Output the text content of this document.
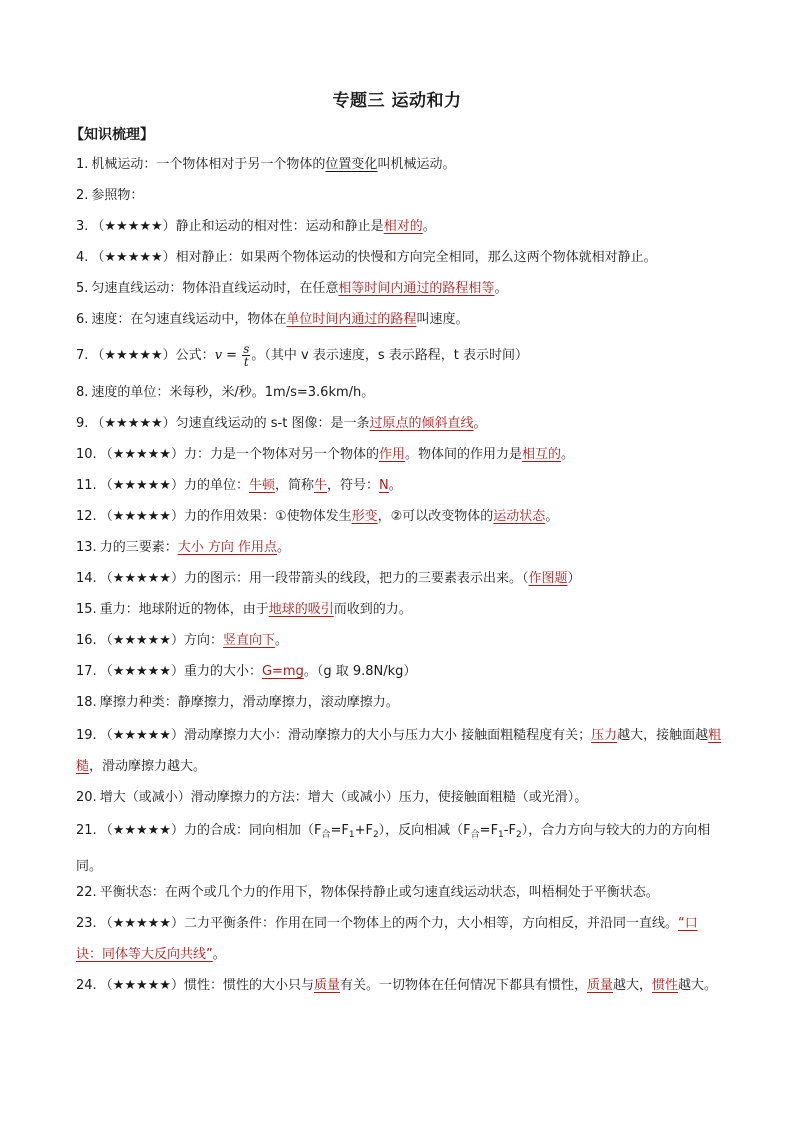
专题三 运动和力
【知识梳理】
1. 机械运动：一个物体相对于另一个物体的位置变化叫机械运动。
2. 参照物：
3. （★★★★★）静止和运动的相对性：运动和静止是相对的。
4. （★★★★★）相对静止：如果两个物体运动的快慢和方向完全相同，那么这两个物体就相对静止。
5. 匀速直线运动：物体沿直线运动时，在任意相等时间内通过的路程相等。
6. 速度：在匀速直线运动中，物体在单位时间内通过的路程叫速度。
7. （★★★★★）公式：$v = \frac{s}{t}$ 。（其中 v 表示速度，s 表示路程，t 表示时间）
8. 速度的单位：米每秒，米/秒。1m/s=3.6km/h。
9. （★★★★★）匀速直线运动的 s-t 图像：是一条过原点的倾斜直线。
10. （★★★★★）力：力是一个物体对另一个物体的作用。物体间的作用力是相互的。
11. （★★★★★）力的单位：牛顿，简称牛，符号：N。
12. （★★★★★）力的作用效果：①使物体发生形变，②可以改变物体的运动状态。
13. 力的三要素：大小 方向 作用点。
14. （★★★★★）力的图示：用一段带箭头的线段，把力的三要素表示出来。（作图题）
15. 重力：地球附近的物体，由于地球的吸引而收到的力。
16. （★★★★★）方向：竖直向下。
17. （★★★★★）重力的大小：G=mg。（g 取 9.8N/kg）
18. 摩擦力种类：静摩擦力，滑动摩擦力，滚动摩擦力。
19. （★★★★★）滑动摩擦力大小：滑动摩擦力的大小与压力大小 接触面粗糙程度有关；压力越大，接触面越粗糙，滑动摩擦力越大。
20. 增大（或减小）滑动摩擦力的方法：增大（或减小）压力，使接触面粗糙（或光滑）。
21. （★★★★★）力的合成：同向相加$(F_合=F_1+F_2)$，反向相减$(F_合=F_1-F_2)$，合力方向与较大的力的方向相同。
22. 平衡状态：在两个或几个力的作用下，物体保持静止或匀速直线运动状态，叫梧桐处于平衡状态。
23. （★★★★★）二力平衡条件：作用在同一个物体上的两个力，大小相等，方向相反，并沿同一直线。“口诀：同体等大反向共线”。
24. （★★★★★）惯性：惯性的大小只与质量有关。一切物体在任何情况下都具有惯性，质量越大，惯性越大。
